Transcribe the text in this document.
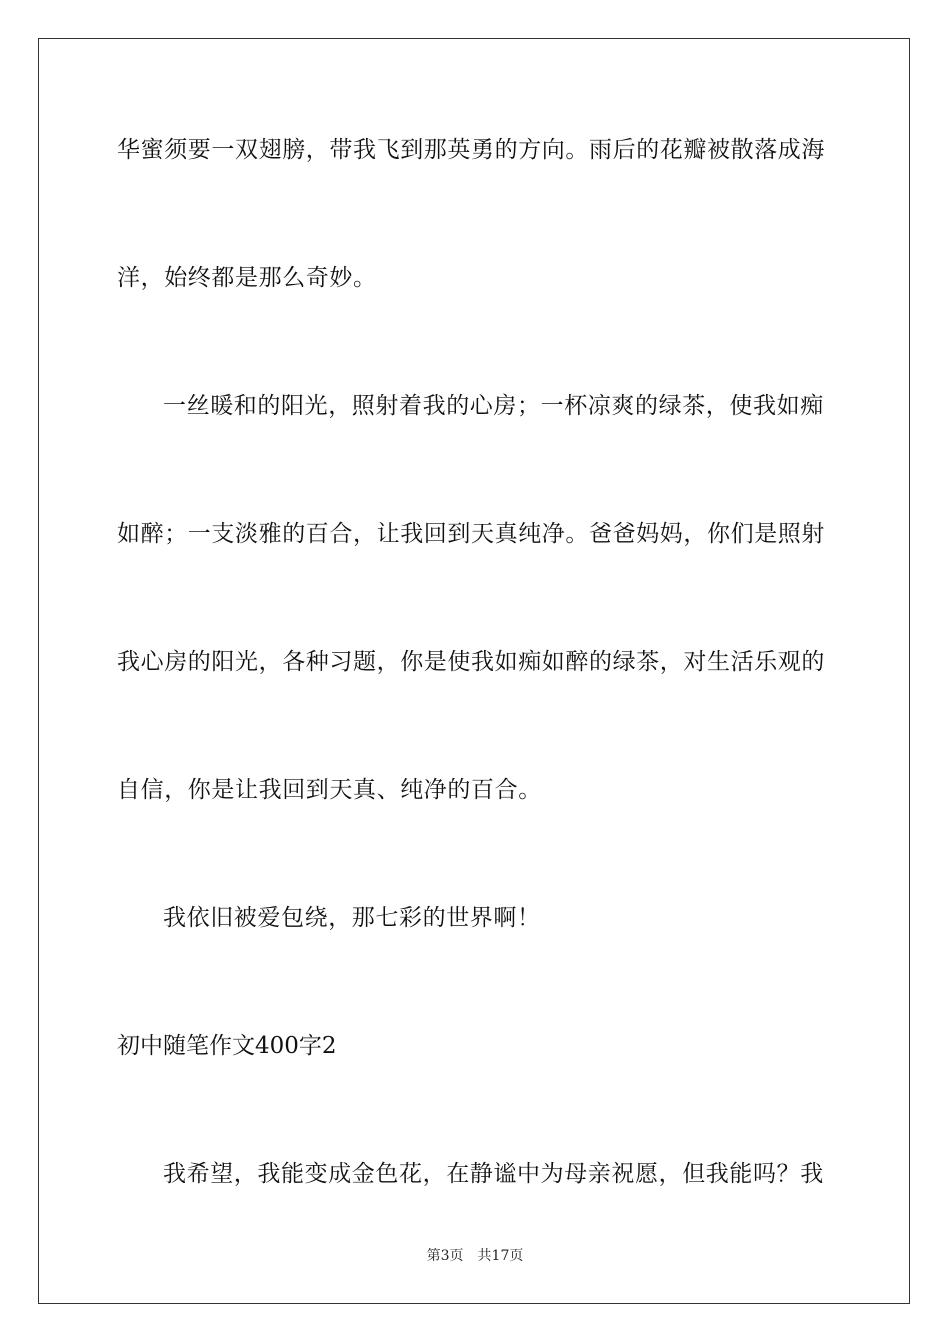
华蜜须要一双翅膀，带我飞到那英勇的方向。雨后的花瓣被散落成海
洋，始终都是那么奇妙。
一丝暖和的阳光，照射着我的心房；一杯凉爽的绿茶，使我如痴
如醉；一支淡雅的百合，让我回到天真纯净。爸爸妈妈，你们是照射
我心房的阳光，各种习题，你是使我如痴如醉的绿茶，对生活乐观的
自信，你是让我回到天真、纯净的百合。
我依旧被爱包绕，那七彩的世界啊！
初中随笔作文400字2
我希望，我能变成金色花，在静谧中为母亲祝愿，但我能吗？我
第3页 共17页
